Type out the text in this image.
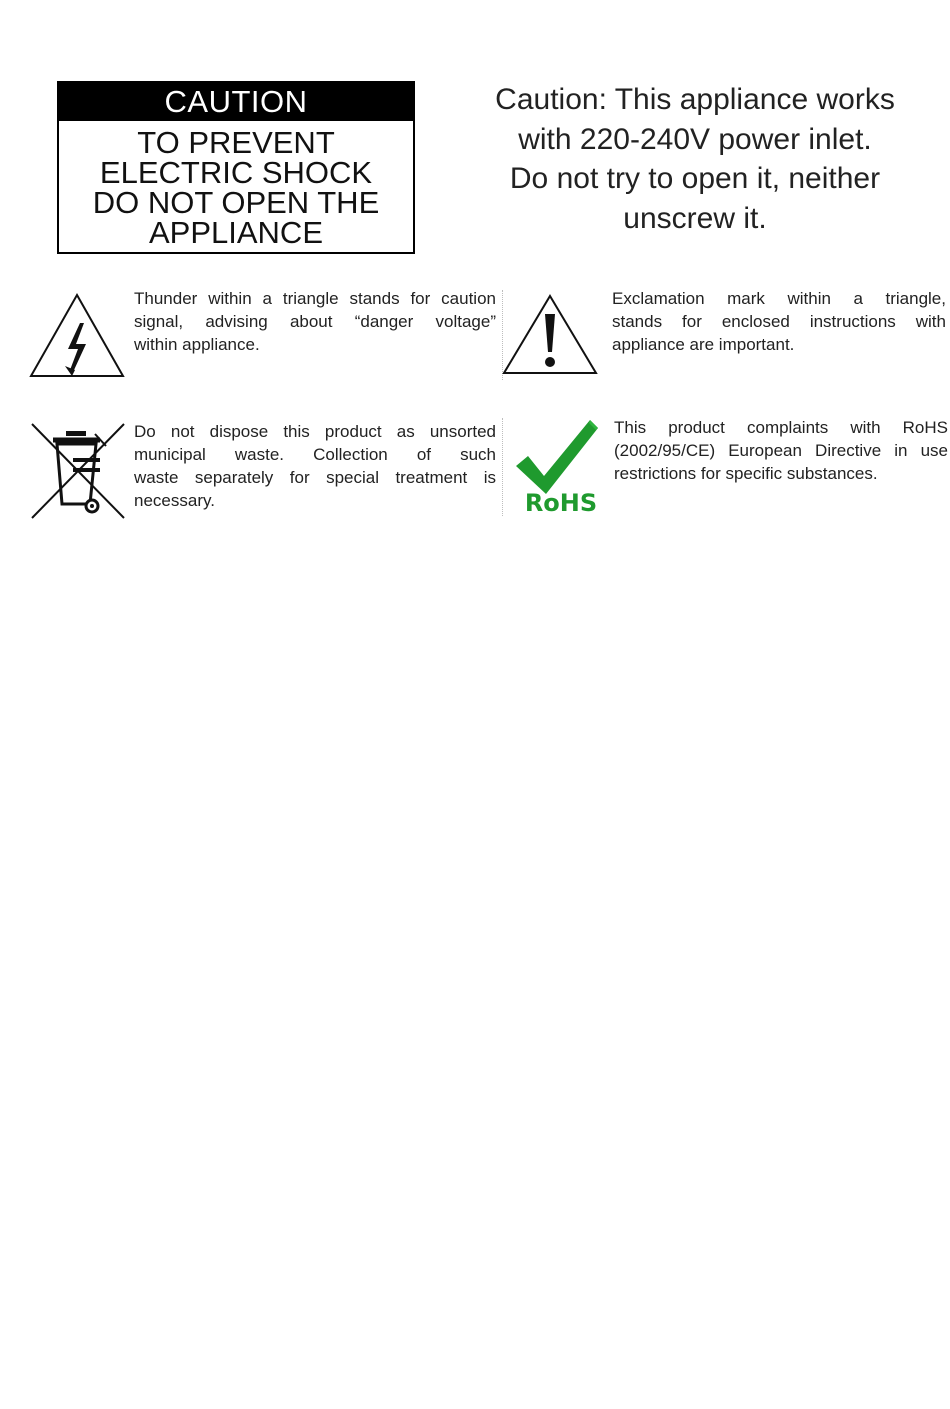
CAUTION
TO PREVENT
ELECTRIC SHOCK
DO NOT OPEN THE
APPLIANCE
Caution: This appliance works
with 220-240V power inlet.
Do not try to open it, neither
unscrew it.
Thunder within a triangle stands for caution
signal, advising about “danger voltage”
within appliance.
Exclamation mark within a triangle,
stands for enclosed instructions with
appliance are important.
Do not dispose this product as unsorted
municipal waste. Collection of such
waste separately for special treatment is
necessary.	RoHS
This product complaints with RoHS
(2002/95/CE) European Directive in use
restrictions for specific substances.
